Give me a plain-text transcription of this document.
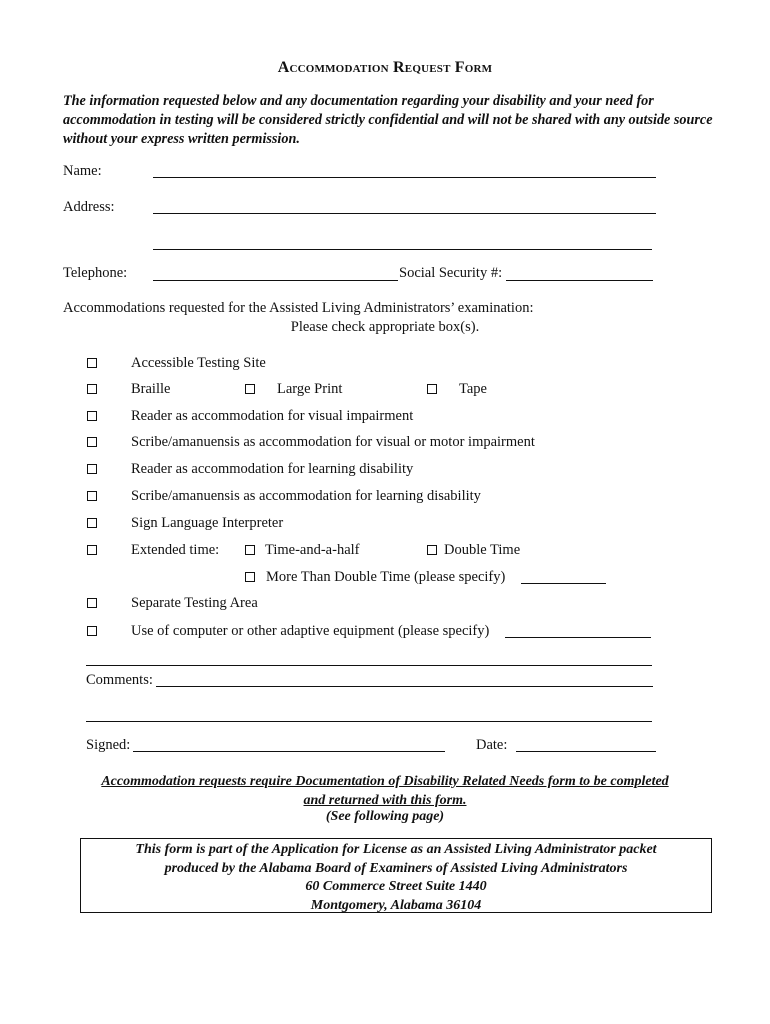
Accommodation Request Form
The information requested below and any documentation regarding your disability and your need for accommodation in testing will be considered strictly confidential and will not be shared with any outside source without your express written permission.
Name:
Address:
Telephone:	Social Security #:
Accommodations requested for the Assisted Living Administrators’ examination:
Please check appropriate box(s).
Accessible Testing Site
Braille	Large Print	Tape
Reader as accommodation for visual impairment
Scribe/amanuensis as accommodation for visual or motor impairment
Reader as accommodation for learning disability
Scribe/amanuensis as accommodation for learning disability
Sign Language Interpreter
Extended time:	Time-and-a-half	Double Time
More Than Double Time (please specify)
Separate Testing Area
Use of computer or other adaptive equipment (please specify)
Comments:
Signed:	Date:
Accommodation requests require Documentation of Disability Related Needs form to be completed
and returned with this form.
(See following page)
This form is part of the Application for License as an Assisted Living Administrator packet
produced by the Alabama Board of Examiners of Assisted Living Administrators
60 Commerce Street Suite 1440
Montgomery, Alabama 36104
